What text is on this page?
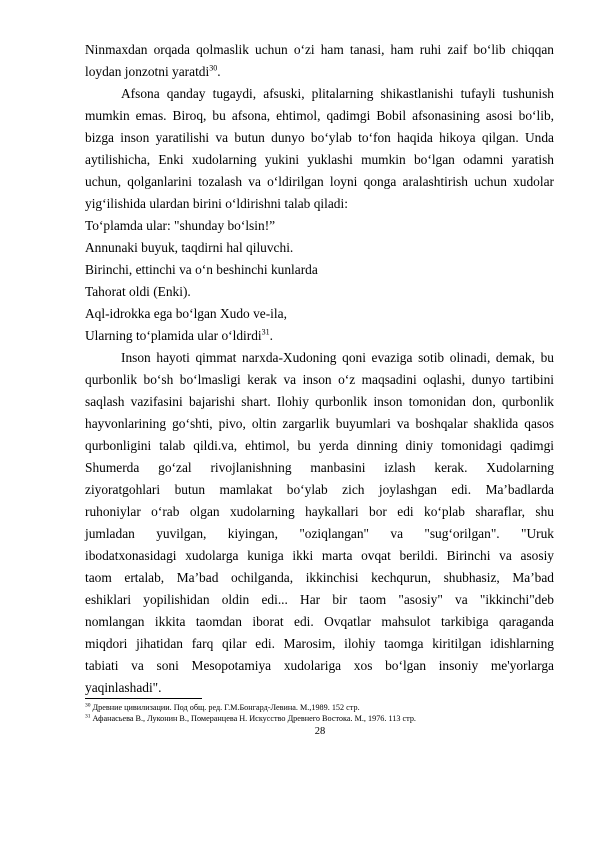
Ninmaxdan orqada qolmaslik uchun o‘zi ham tanasi, ham ruhi zaif bo‘lib chiqqan
loydan jonzotni yaratdi$^{30}$.
Afsona qanday tugaydi, afsuski, plitalarning shikastlanishi tufayli tushunish
mumkin emas. Biroq, bu afsona, ehtimol, qadimgi Bobil afsonasining asosi bo‘lib,
bizga inson yaratilishi va butun dunyo bo‘ylab to‘fon haqida hikoya qilgan. Unda
aytilishicha, Enki xudolarning yukini yuklashi mumkin bo‘lgan odamni yaratish
uchun, qolganlarini tozalash va o‘ldirilgan loyni qonga aralashtirish uchun xudolar
yig‘ilishida ulardan birini o‘ldirishni talab qiladi:
To‘plamda ular: "shunday bo‘lsin!”
Annunaki buyuk, taqdirni hal qiluvchi.
Birinchi, ettinchi va o‘n beshinchi kunlarda
Tahorat oldi (Enki).
Aql-idrokka ega bo‘lgan Xudo ve-ila,
Ularning to‘plamida ular o‘ldirdi$^{31}$.
Inson hayoti qimmat narxda-Xudoning qoni evaziga sotib olinadi, demak, bu
qurbonlik bo‘sh bo‘lmasligi kerak va inson o‘z maqsadini oqlashi, dunyo tartibini
saqlash vazifasini bajarishi shart. Ilohiy qurbonlik inson tomonidan don, qurbonlik
hayvonlarining go‘shti, pivo, oltin zargarlik buyumlari va boshqalar shaklida qasos
qurbonligini talab qildi.va, ehtimol, bu yerda dinning diniy tomonidagi qadimgi
Shumerda go‘zal rivojlanishning manbasini izlash kerak. Xudolarning
ziyoratgohlari butun mamlakat bo‘ylab zich joylashgan edi. Ma’badlarda
ruhoniylar o‘rab olgan xudolarning haykallari bor edi ko‘plab sharaflar, shu
jumladan yuvilgan, kiyingan, "oziqlangan" va "sug‘orilgan". "Uruk
ibodatxonasidagi xudolarga kuniga ikki marta ovqat berildi. Birinchi va asosiy
taom ertalab, Ma’bad ochilganda, ikkinchisi kechqurun, shubhasiz, Ma’bad
eshiklari yopilishidan oldin edi... Har bir taom "asosiy" va "ikkinchi"deb
nomlangan ikkita taomdan iborat edi. Ovqatlar mahsulot tarkibiga qaraganda
miqdori jihatidan farq qilar edi. Marosim, ilohiy taomga kiritilgan idishlarning
tabiati va soni Mesopotamiya xudolariga xos bo‘lgan insoniy me'yorlarga
yaqinlashadi".
$^{30}$ Древние цивилизации. Под общ. ред. Г.М.Бонгард-Левина. М.,1989. 152 стр.
$^{31}$ Афанасьева В., Луконин В., Померанцева Н. Искусство Древнего Востока. М., 1976. 113 стр.
28
